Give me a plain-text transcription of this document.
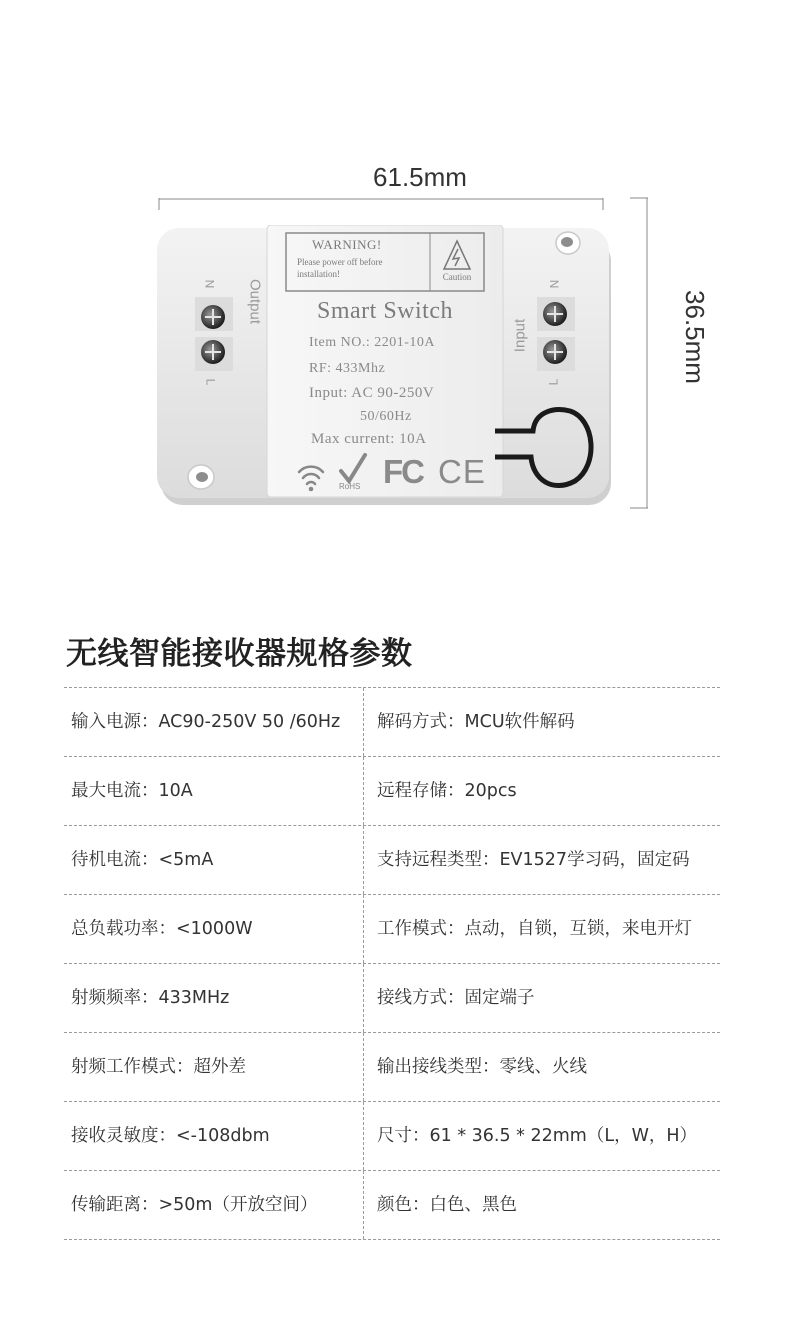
61.5mm
36.5mm
WARNING!
Please power off before
installation!	Caution
Smart Switch
Item NO.: 2201-10A
RF: 433Mhz
Input: AC 90-250V
50/60Hz
Max current: 10A
RoHS FC CE
Output
Input
N
L
N
L
无线智能接收器规格参数
输入电源：AC90-250V 50 /60Hz 解码方式：MCU软件解码
最大电流：10A	远程存储：20pcs
待机电流：<5mA	支持远程类型：EV1527学习码，固定码
总负载功率：<1000W	工作模式：点动，自锁，互锁，来电开灯
射频频率：433MHz	接线方式：固定端子
射频工作模式：超外差	输出接线类型：零线、火线
接收灵敏度：<-108dbm	尺寸：61 * 36.5 * 22mm（L，W，H）
传输距离：>50m（开放空间）	颜色：白色、黑色
